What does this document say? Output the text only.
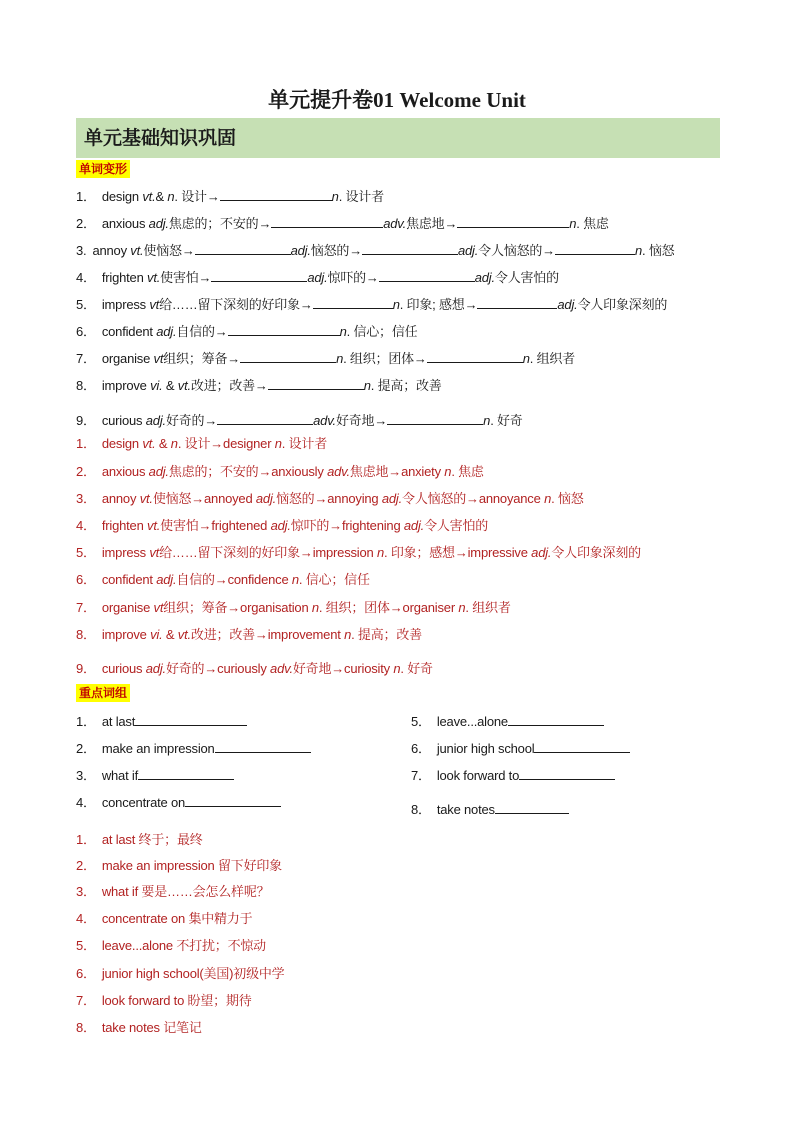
单元提升卷01 Welcome Unit
单元基础知识巩固
单词变形
1． design vt.& n. 设计→	n. 设计者
2． anxious adj.焦虑的；不安的→	adv.焦虑地→	n. 焦虑
3. annoy vt.使恼怒→	adj.恼怒的→	adj.令人恼怒的→	n. 恼怒
4． frighten vt.使害怕→	adj.惊吓的→	adj.令人害怕的
5． impress vt给……留下深刻的好印象→	n. 印象; 感想→	adj.令人印象深刻的
6． confident adj.自信的→	n. 信心；信任
7． organise vt组织；筹备→	n. 组织；团体→	n. 组织者
8． improve vi. & vt.改进；改善→	n. 提高；改善
9． curious adj.好奇的→	adv.好奇地→	n. 好奇
1． design vt. & n. 设计→designer n. 设计者
2． anxious adj.焦虑的；不安的→anxiously adv.焦虑地→anxiety n. 焦虑
3． annoy vt.使恼怒→annoyed adj.恼怒的→annoying adj.令人恼怒的→annoyance n. 恼怒
4． frighten vt.使害怕→frightened adj.惊吓的→frightening adj.令人害怕的
5． impress vt给……留下深刻的好印象→impression n. 印象；感想→impressive adj.令人印象深刻的
6． confident adj.自信的→confidence n. 信心；信任
7． organise vt组织；筹备→organisation n. 组织；团体→organiser n. 组织者
8． improve vi. & vt.改进；改善→improvement n. 提高；改善
9． curious adj.好奇的→curiously adv.好奇地→curiosity n. 好奇
重点词组
1． at last
2． make an impression
3． what if
4． concentrate on
5． leave...alone
6． junior high school
7． look forward to
8． take notes
1． at last 终于；最终
2． make an impression 留下好印象
3． what if 要是……会怎么样呢？
4． concentrate on 集中精力于
5． leave...alone 不打扰；不惊动
6． junior high school(美国)初级中学
7． look forward to 盼望；期待
8． take notes 记笔记
